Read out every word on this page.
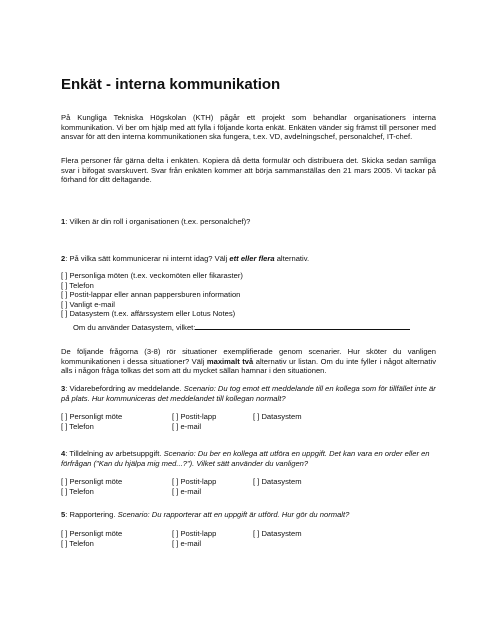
Enkät - interna kommunikation

På Kungliga Tekniska Högskolan (KTH) pågår ett projekt som behandlar organisationers interna kommunikation. Vi ber om hjälp med att fylla i följande korta enkät. Enkäten vänder sig främst till personer med ansvar för att den interna kommunikationen ska fungera, t.ex. VD, avdelningschef, personalchef, IT-chef.

Flera personer får gärna delta i enkäten. Kopiera då detta formulär och distribuera det. Skicka sedan samliga svar i bifogat svarskuvert. Svar från enkäten kommer att börja sammanställas den 21 mars 2005. Vi tackar på förhand för ditt deltagande.

1: Vilken är din roll i organisationen (t.ex. personalchef)?

2: På vilka sätt kommunicerar ni internt idag? Välj ett eller flera alternativ.

[ ] Personliga möten (t.ex. veckomöten eller fikaraster)
[ ] Telefon
[ ] Postit-lappar eller annan pappersburen information
[ ] Vanligt e-mail
[ ] Datasystem (t.ex. affärssystem eller Lotus Notes)
Om du använder Datasystem, vilket:

De följande frågorna (3-8) rör situationer exemplifierade genom scenarier. Hur sköter du vanligen kommunikationen i dessa situationer? Välj maximalt två alternativ ur listan. Om du inte fyller i något alternativ alls i någon fråga tolkas det som att du mycket sällan hamnar i den situationen.

3: Vidarebefordring av meddelande. Scenario: Du tog emot ett meddelande till en kollega som för tillfället inte är på plats. Hur kommuniceras det meddelandet till kollegan normalt?

[ ] Personligt möte	[ ] Postit-lapp	[ ] Datasystem
[ ] Telefon	[ ] e-mail

4: Tilldelning av arbetsuppgift. Scenario: Du ber en kollega att utföra en uppgift. Det kan vara en order eller en förfrågan ("Kan du hjälpa mig med...?"). Vilket sätt använder du vanligen?

[ ] Personligt möte	[ ] Postit-lapp	[ ] Datasystem
[ ] Telefon	[ ] e-mail

5: Rapportering. Scenario: Du rapporterar att en uppgift är utförd. Hur gör du normalt?

[ ] Personligt möte	[ ] Postit-lapp	[ ] Datasystem
[ ] Telefon	[ ] e-mail
